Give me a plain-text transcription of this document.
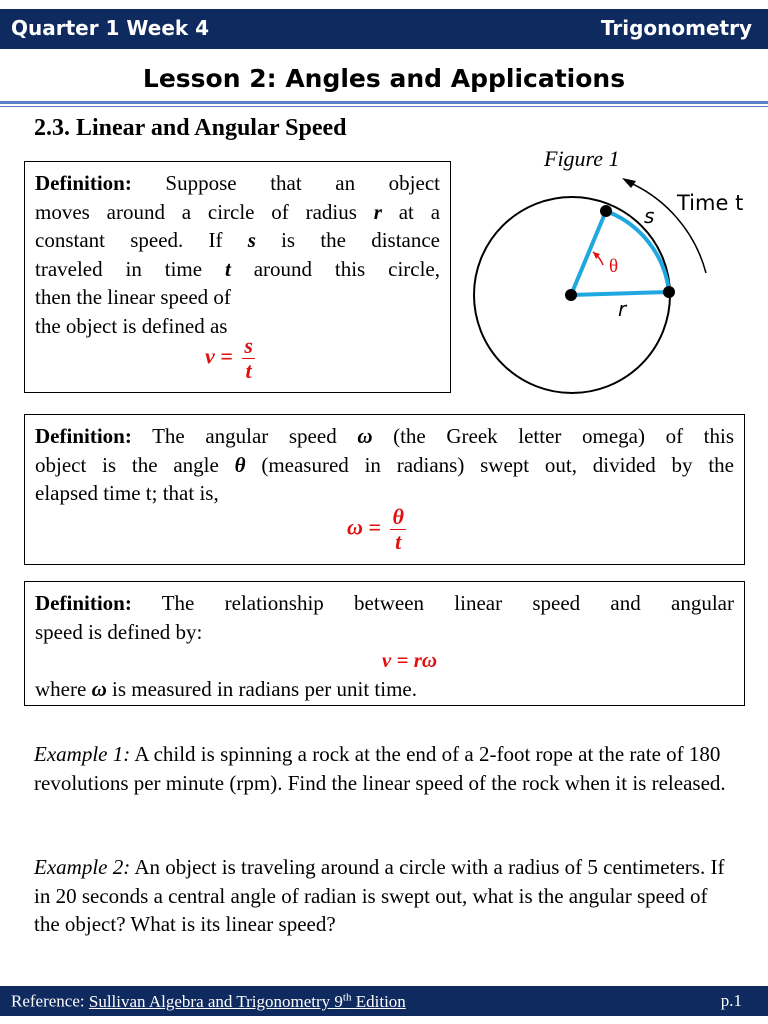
Quarter 1 Week 4	Trigonometry
Lesson 2: Angles and Applications
2.3. Linear and Angular Speed
Definition: Suppose that an object
moves around a circle of radius r at a
constant speed. If s is the distance
traveled in time t around this circle,
then the linear speed of
the object is defined as
$v = \frac{s}{t}$
Figure 1
Time t
s
θ
r
Definition: The angular speed ω (the Greek letter omega) of this
object is the angle θ (measured in radians) swept out, divided by the
elapsed time t; that is,
$\omega = \frac{\theta}{t}$
Definition: The relationship between linear speed and angular
speed is defined by:
v = rω
where ω is measured in radians per unit time.
Example 1: A child is spinning a rock at the end of a 2-foot rope at the rate of 180 revolutions per minute (rpm). Find the linear speed of the rock when it is released.
Example 2: An object is traveling around a circle with a radius of 5 centimeters. If in 20 seconds a central angle of radian is swept out, what is the angular speed of the object? What is its linear speed?
Reference: Sullivan Algebra and Trigonometry 9th Edition	p.1
